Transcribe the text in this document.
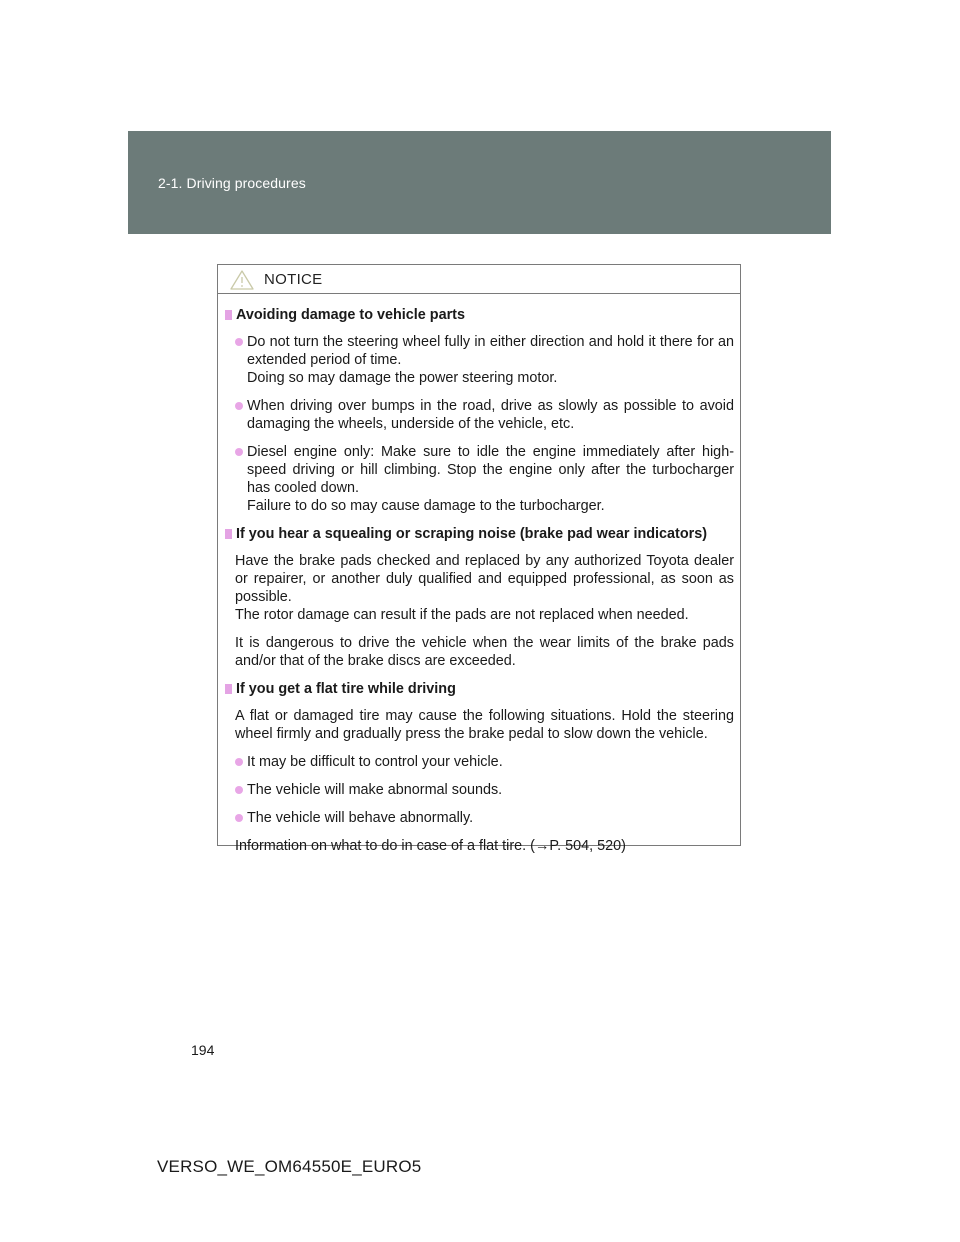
2-1. Driving procedures
NOTICE
Avoiding damage to vehicle parts
Do not turn the steering wheel fully in either direction and hold it there for an extended period of time.
Doing so may damage the power steering motor.
When driving over bumps in the road, drive as slowly as possible to avoid damaging the wheels, underside of the vehicle, etc.
Diesel engine only: Make sure to idle the engine immediately after high-speed driving or hill climbing. Stop the engine only after the turbocharger has cooled down.
Failure to do so may cause damage to the turbocharger.
If you hear a squealing or scraping noise (brake pad wear indicators)
Have the brake pads checked and replaced by any authorized Toyota dealer or repairer, or another duly qualified and equipped professional, as soon as possible.
The rotor damage can result if the pads are not replaced when needed.
It is dangerous to drive the vehicle when the wear limits of the brake pads and/or that of the brake discs are exceeded.
If you get a flat tire while driving
A flat or damaged tire may cause the following situations. Hold the steering wheel firmly and gradually press the brake pedal to slow down the vehicle.
It may be difficult to control your vehicle.
The vehicle will make abnormal sounds.
The vehicle will behave abnormally.
Information on what to do in case of a flat tire. (→P. 504, 520)
194
VERSO_WE_OM64550E_EURO5
